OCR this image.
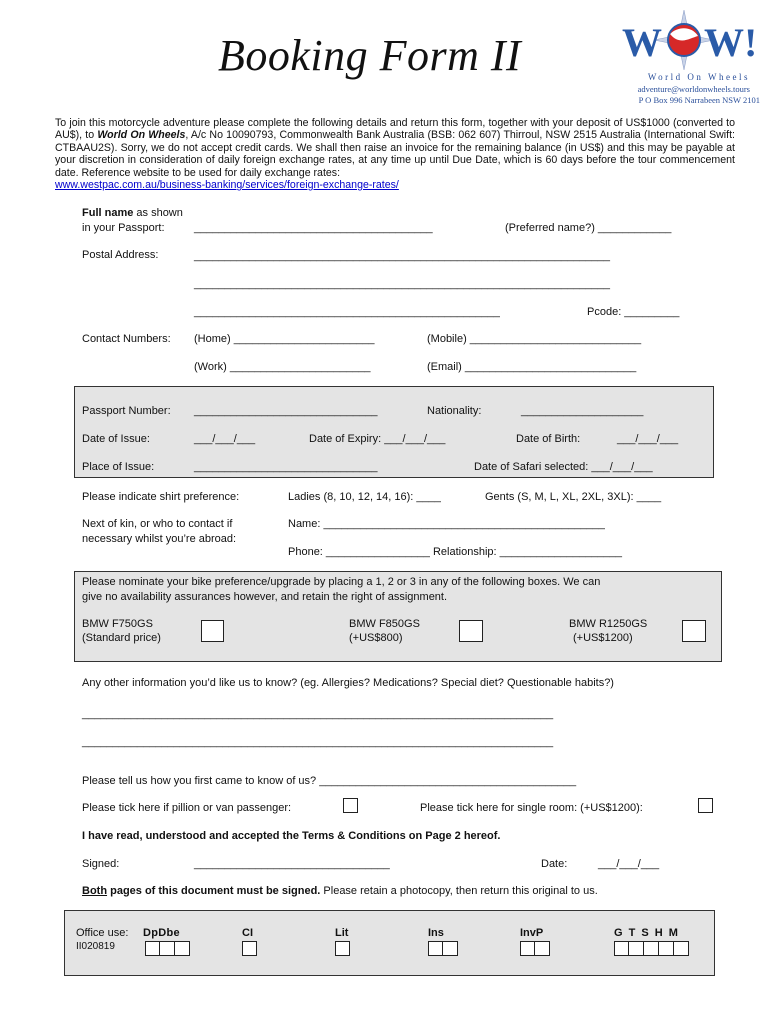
Booking Form II	W W!
World On Wheels
adventure@worldonwheels.tours
P O Box 996 Narrabeen NSW 2101
To join this motorcycle adventure please complete the following details and return this form, together with your deposit of US$1000 (converted to AU$), to World On Wheels, A/c No 10090793, Commonwealth Bank Australia (BSB: 062 607) Thirroul, NSW 2515 Australia (International Swift: CTBAAU2S). Sorry, we do not accept credit cards. We shall then raise an invoice for the remaining balance (in US$) and this may be payable at your discretion in consideration of daily foreign exchange rates, at any time up until Due Date, which is 60 days before the tour commencement date. Reference website to be used for daily exchange rates:
www.westpac.com.au/business-banking/services/foreign-exchange-rates/
Full name as shown
in your Passport:	_______________________________________	(Preferred name?) ____________
Postal Address:	____________________________________________________________________
____________________________________________________________________
__________________________________________________	Pcode: _________
Contact Numbers: (Home) _______________________	(Mobile) ____________________________
(Work) _______________________	(Email) ____________________________
Passport Number: ______________________________	Nationality:	____________________
Date of Issue:	___/___/___	Date of Expiry: ___/___/___	Date of Birth:	___/___/___
Place of Issue:	______________________________	Date of Safari selected: ___/___/___
Please indicate shirt preference:	Ladies (8, 10, 12, 14, 16): ____	Gents (S, M, L, XL, 2XL, 3XL): ____
Next of kin, or who to contact if
necessary whilst you’re abroad:
Name: ______________________________________________
Phone: _________________ Relationship: ____________________
Please nominate your bike preference/upgrade by placing a 1, 2 or 3 in any of the following boxes. We can
give no availability assurances however, and retain the right of assignment.
BMW F750GS
(Standard price)
BMW F850GS
(+US$800)
BMW R1250GS
(+US$1200)
Any other information you’d like us to know? (eg. Allergies? Medications? Special diet? Questionable habits?)
_____________________________________________________________________________
_____________________________________________________________________________
Please tell us how you first came to know of us? __________________________________________
Please tick here if pillion or van passenger:	Please tick here for single room: (+US$1200):
I have read, understood and accepted the Terms & Conditions on Page 2 hereof.
Signed:	________________________________	Date:	___/___/___
Both pages of this document must be signed. Please retain a photocopy, then return this original to us.
Office use:
II020819
DpDbe	CI	Lit	Ins	InvP	G T S H M
